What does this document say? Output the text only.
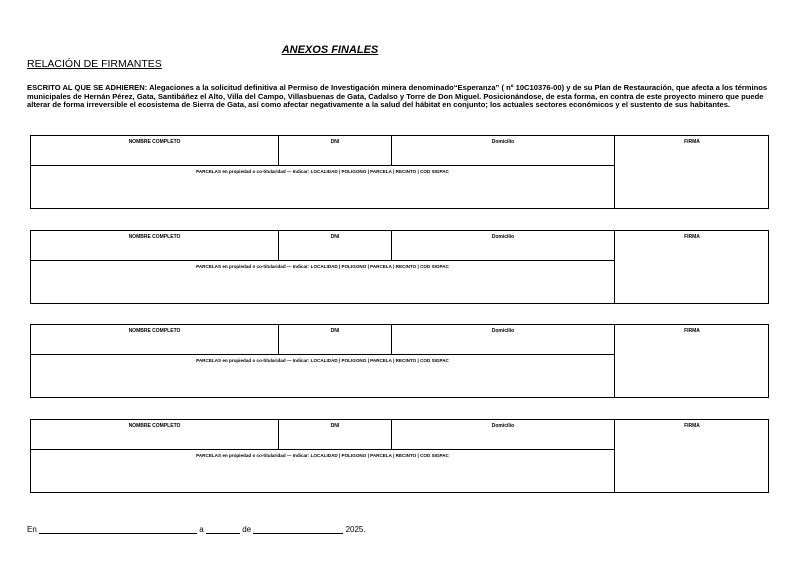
ANEXOS FINALES
RELACIÓN DE FIRMANTES
ESCRITO AL QUE SE ADHIEREN: Alegaciones a la solicitud definitiva al Permiso de Investigación minera denominado“Esperanza” ( nº 10C10376-00) y de su Plan de Restauración, que afecta a los términos municipales de Hernán Pérez, Gata, Santibáñez el Alto, Villa del Campo, Villasbuenas de Gata, Cadalso y Torre de Don Miguel. Posicionándose, de esta forma, en contra de este proyecto minero que puede alterar de forma irreversible el ecosistema de Sierra de Gata, así como afectar negativamente a la salud del hábitat en conjunto; los actuales sectores económicos y el sustento de sus habitantes.
NOMBRE COMPLETO	DNI	Domicilio	FIRMA
PARCELAS en propiedad o co-titularidad — Indicar: LOCALIDAD | POLIGONO | PARCELA | RECINTO | COD SIGPAC
NOMBRE COMPLETO	DNI	Domicilio	FIRMA
PARCELAS en propiedad o co-titularidad — Indicar: LOCALIDAD | POLIGONO | PARCELA | RECINTO | COD SIGPAC
NOMBRE COMPLETO	DNI	Domicilio	FIRMA
PARCELAS en propiedad o co-titularidad — Indicar: LOCALIDAD | POLIGONO | PARCELA | RECINTO | COD SIGPAC
NOMBRE COMPLETO	DNI	Domicilio	FIRMA
PARCELAS en propiedad o co-titularidad — Indicar: LOCALIDAD | POLIGONO | PARCELA | RECINTO | COD SIGPAC
En	a	de	2025.
